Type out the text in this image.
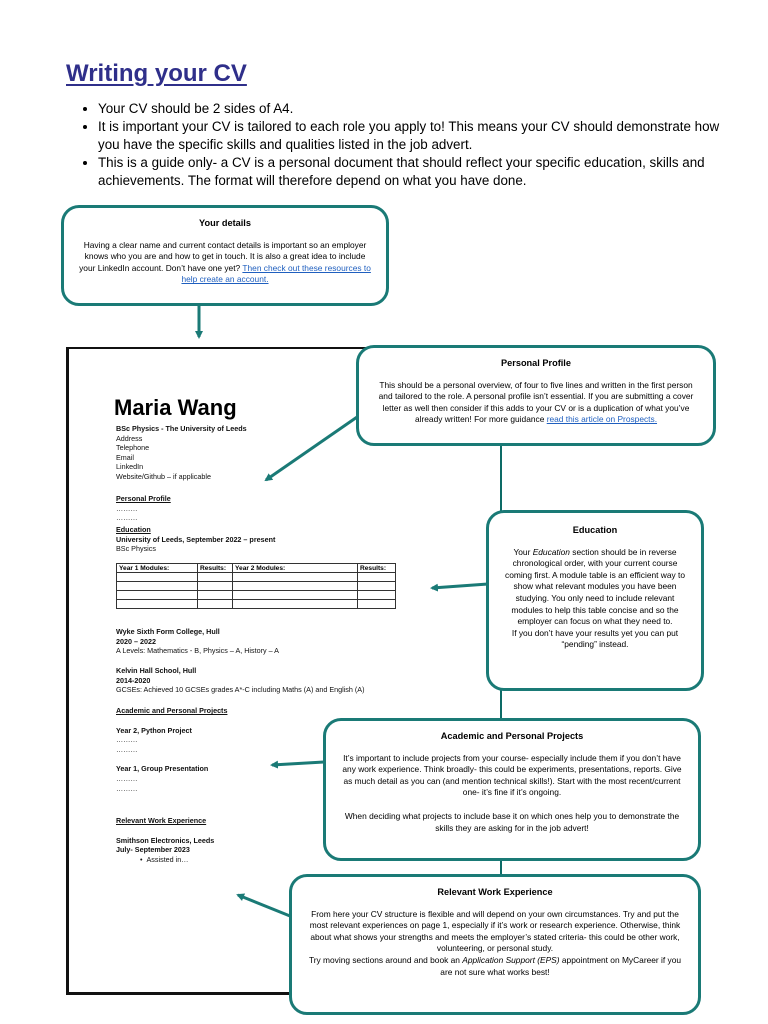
Writing your CV
• Your CV should be 2 sides of A4.
• It is important your CV is tailored to each role you apply to! This means your CV should demonstrate how you have the specific skills and qualities listed in the job advert.
• This is a guide only- a CV is a personal document that should reflect your specific education, skills and achievements. The format will therefore depend on what you have done.
Maria Wang
BSc Physics - The University of Leeds
Address
Telephone
Email
LinkedIn
Website/Github – if applicable
Personal Profile
………
………
Education
University of Leeds, September 2022 – present
BSc Physics
Year 1 Modules:	Results:	Year 2 Modules:	Results:

Wyke Sixth Form College, Hull
2020 – 2022
A Levels: Mathematics - B, Physics – A, History – A
Kelvin Hall School, Hull
2014-2020
GCSEs: Achieved 10 GCSEs grades A*-C including Maths (A) and English (A)
Academic and Personal Projects
Year 2, Python Project
………
………
Year 1, Group Presentation
………
………
Relevant Work Experience
Smithson Electronics, Leeds
July- September 2023
•  Assisted in…
Your details

Having a clear name and current contact details is important so an employer knows who you are and how to get in touch. It is also a great idea to include your LinkedIn account. Don’t have one yet? Then check out these resources to help create an account.

Personal Profile

This should be a personal overview, of four to five lines and written in the first person and tailored to the role. A personal profile isn’t essential. If you are submitting a cover letter as well then consider if this adds to your CV or is a duplication of what you’ve already written! For more guidance read this article on Prospects.

Education

Your Education section should be in reverse chronological order, with your current course coming first. A module table is an efficient way to show what relevant modules you have been studying. You only need to include relevant modules to help this table concise and so the employer can focus on what they need to.

If you don’t have your results yet you can put “pending” instead.

Academic and Personal Projects

It’s important to include projects from your course- especially include them if you don’t have any work experience. Think broadly- this could be experiments, presentations, reports. Give as much detail as you can (and mention technical skills!). Start with the most recent/current one- it’s fine if it’s ongoing.

When deciding what projects to include base it on which ones help you to demonstrate the skills they are asking for in the job advert!

Relevant Work Experience

From here your CV structure is flexible and will depend on your own circumstances. Try and put the most relevant experiences on page 1, especially if it’s work or research experience. Otherwise, think about what shows your strengths and meets the employer’s stated criteria- this could be other work, volunteering, or personal study.

Try moving sections around and book an Application Support (EPS) appointment on MyCareer if you are not sure what works best!
